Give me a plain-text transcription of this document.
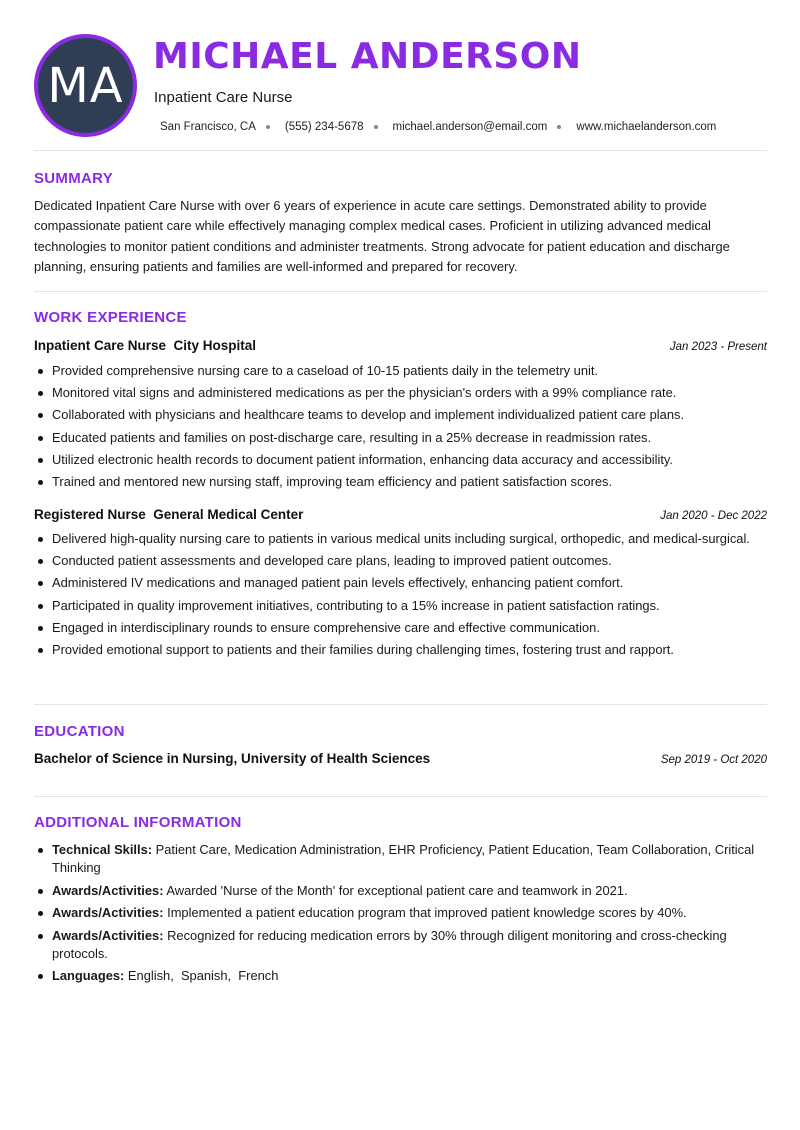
MA
MICHAEL ANDERSON
Inpatient Care Nurse
San Francisco, CA	(555) 234-5678	michael.anderson@email.com	www.michaelanderson.com
SUMMARY
Dedicated Inpatient Care Nurse with over 6 years of experience in acute care settings. Demonstrated ability to provide compassionate patient care while effectively managing complex medical cases. Proficient in utilizing advanced medical technologies to monitor patient conditions and administer treatments. Strong advocate for patient education and discharge planning, ensuring patients and families are well-informed and prepared for recovery.
WORK EXPERIENCE
Inpatient Care Nurse  City Hospital	Jan 2023 - Present
Provided comprehensive nursing care to a caseload of 10-15 patients daily in the telemetry unit.
Monitored vital signs and administered medications as per the physician's orders with a 99% compliance rate.
Collaborated with physicians and healthcare teams to develop and implement individualized patient care plans.
Educated patients and families on post-discharge care, resulting in a 25% decrease in readmission rates.
Utilized electronic health records to document patient information, enhancing data accuracy and accessibility.
Trained and mentored new nursing staff, improving team efficiency and patient satisfaction scores.
Registered Nurse  General Medical Center	Jan 2020 - Dec 2022
Delivered high-quality nursing care to patients in various medical units including surgical, orthopedic, and medical-surgical.
Conducted patient assessments and developed care plans, leading to improved patient outcomes.
Administered IV medications and managed patient pain levels effectively, enhancing patient comfort.
Participated in quality improvement initiatives, contributing to a 15% increase in patient satisfaction ratings.
Engaged in interdisciplinary rounds to ensure comprehensive care and effective communication.
Provided emotional support to patients and their families during challenging times, fostering trust and rapport.
EDUCATION
Bachelor of Science in Nursing, University of Health Sciences	Sep 2019 - Oct 2020
ADDITIONAL INFORMATION
Technical Skills: Patient Care, Medication Administration, EHR Proficiency, Patient Education, Team Collaboration, Critical Thinking
Awards/Activities: Awarded 'Nurse of the Month' for exceptional patient care and teamwork in 2021.
Awards/Activities: Implemented a patient education program that improved patient knowledge scores by 40%.
Awards/Activities: Recognized for reducing medication errors by 30% through diligent monitoring and cross-checking protocols.
Languages: English,  Spanish,  French
